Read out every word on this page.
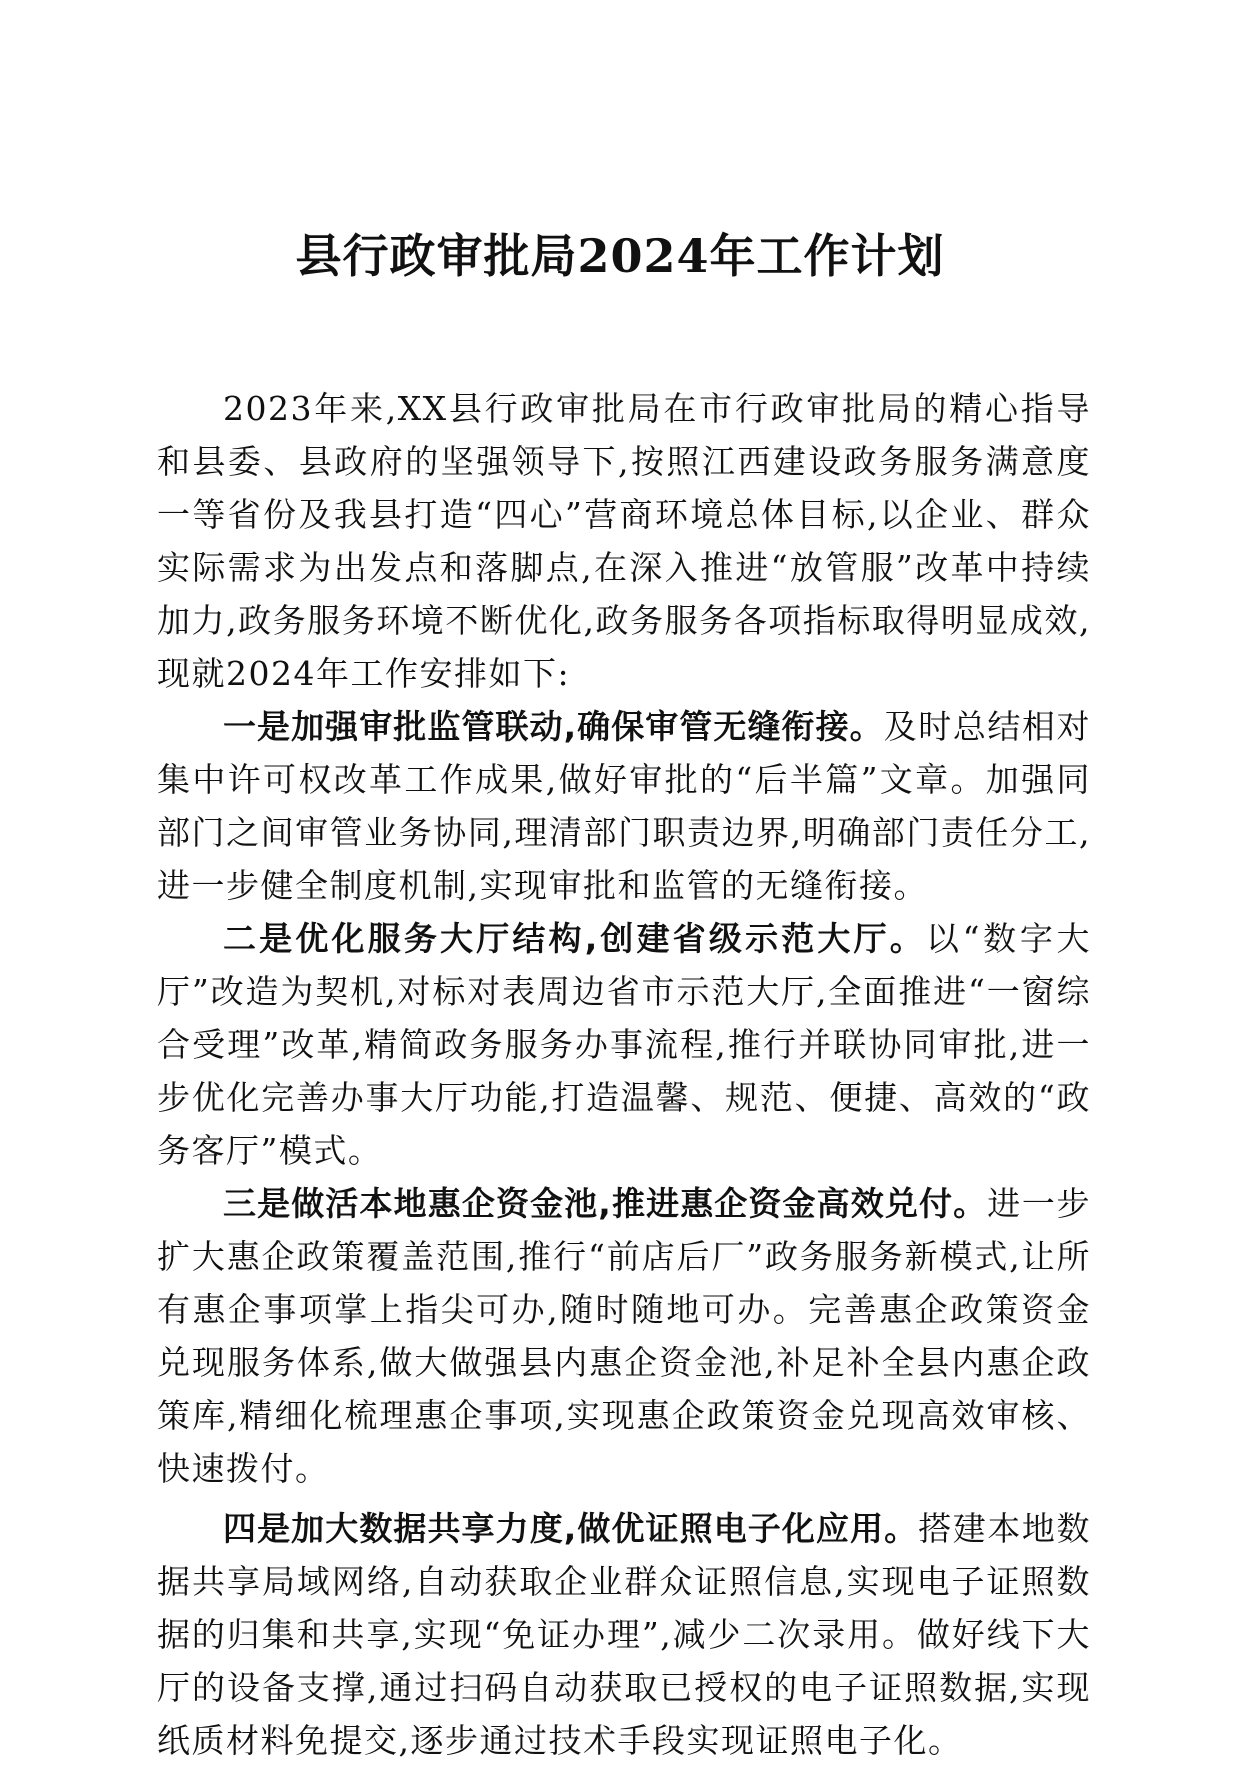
县行政审批局2024年工作计划

2023年来,XX县行政审批局在市行政审批局的精心指导和县委、县政府的坚强领导下,按照江西建设政务服务满意度一等省份及我县打造“四心”营商环境总体目标,以企业、群众实际需求为出发点和落脚点,在深入推进“放管服”改革中持续加力,政务服务环境不断优化,政务服务各项指标取得明显成效,现就2024年工作安排如下:

一是加强审批监管联动,确保审管无缝衔接。及时总结相对集中许可权改革工作成果,做好审批的“后半篇”文章。加强同部门之间审管业务协同,理清部门职责边界,明确部门责任分工,进一步健全制度机制,实现审批和监管的无缝衔接。

二是优化服务大厅结构,创建省级示范大厅。以“数字大厅”改造为契机,对标对表周边省市示范大厅,全面推进“一窗综合受理”改革,精简政务服务办事流程,推行并联协同审批,进一步优化完善办事大厅功能,打造温馨、规范、便捷、高效的“政务客厅”模式。

三是做活本地惠企资金池,推进惠企资金高效兑付。进一步扩大惠企政策覆盖范围,推行“前店后厂”政务服务新模式,让所有惠企事项掌上指尖可办,随时随地可办。完善惠企政策资金兑现服务体系,做大做强县内惠企资金池,补足补全县内惠企政策库,精细化梳理惠企事项,实现惠企政策资金兑现高效审核、快速拨付。

四是加大数据共享力度,做优证照电子化应用。搭建本地数据共享局域网络,自动获取企业群众证照信息,实现电子证照数据的归集和共享,实现“免证办理”,减少二次录用。做好线下大厅的设备支撑,通过扫码自动获取已授权的电子证照数据,实现纸质材料免提交,逐步通过技术手段实现证照电子化。
